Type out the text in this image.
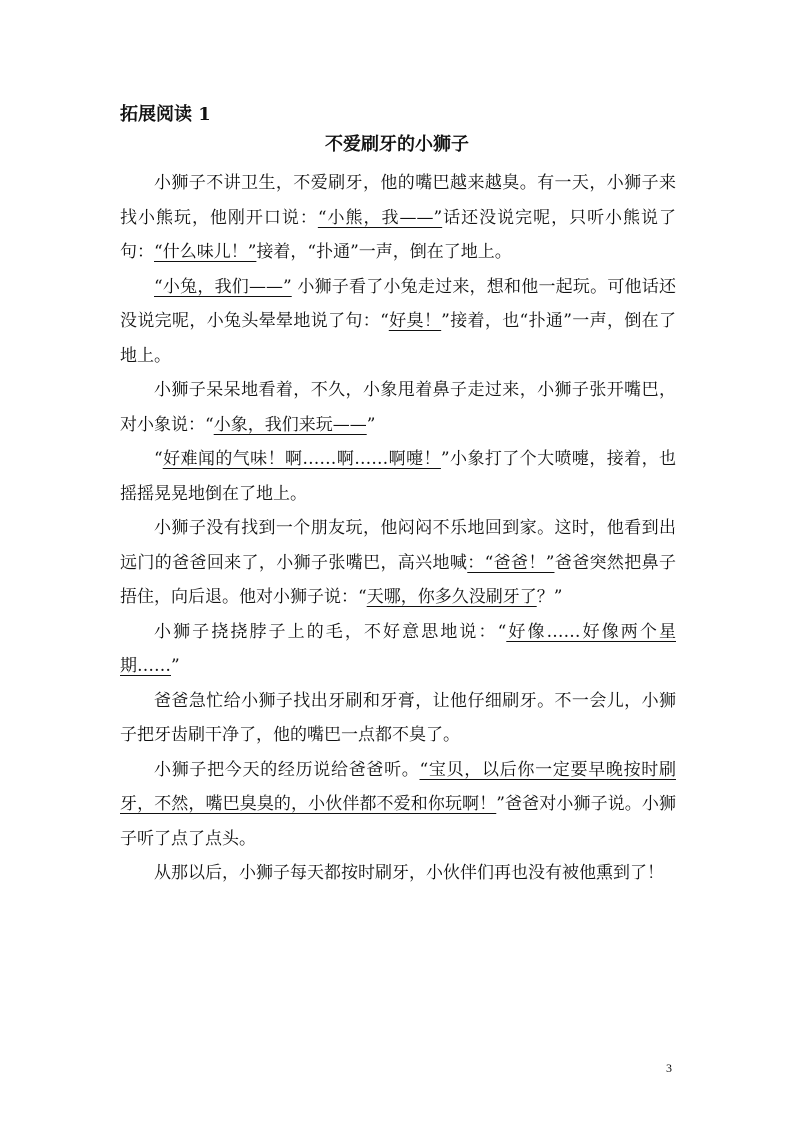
拓展阅读 1
不爱刷牙的小狮子

小狮子不讲卫生，不爱刷牙，他的嘴巴越来越臭。有一天，小狮子来找小熊玩，他刚开口说：“小熊，我——”话还没说完呢，只听小熊说了句：“什么味儿！”接着，“扑通”一声，倒在了地上。

“小兔，我们——” 小狮子看了小兔走过来，想和他一起玩。可他话还没说完呢，小兔头晕晕地说了句：“好臭！”接着，也“扑通”一声，倒在了地上。

小狮子呆呆地看着，不久，小象甩着鼻子走过来，小狮子张开嘴巴，对小象说：“小象，我们来玩——”

“好难闻的气味！啊……啊……啊嚏！”小象打了个大喷嚏，接着，也摇摇晃晃地倒在了地上。

小狮子没有找到一个朋友玩，他闷闷不乐地回到家。这时，他看到出远门的爸爸回来了，小狮子张嘴巴，高兴地喊：“爸爸！”爸爸突然把鼻子捂住，向后退。他对小狮子说：“天哪，你多久没刷牙了？”

小狮子挠挠脖子上的毛，不好意思地说：“好像……好像两个星期……”

爸爸急忙给小狮子找出牙刷和牙膏，让他仔细刷牙。不一会儿，小狮子把牙齿刷干净了，他的嘴巴一点都不臭了。

小狮子把今天的经历说给爸爸听。“宝贝，以后你一定要早晚按时刷牙，不然，嘴巴臭臭的，小伙伴都不爱和你玩啊！”爸爸对小狮子说。小狮子听了点了点头。

从那以后，小狮子每天都按时刷牙，小伙伴们再也没有被他熏到了！

3
